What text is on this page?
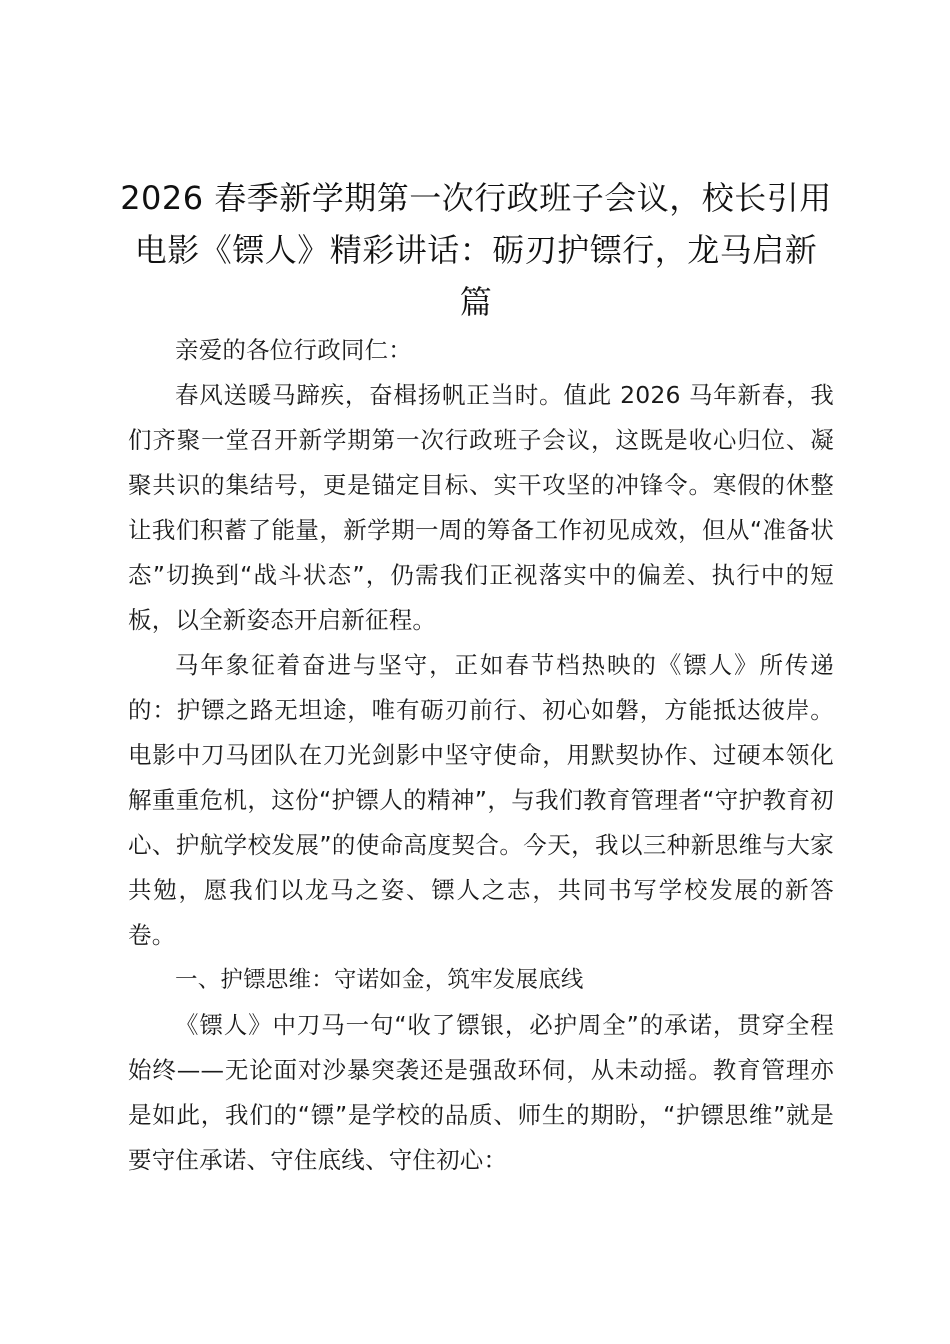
2026 春季新学期第一次行政班子会议，校长引用电影《镖人》精彩讲话：砺刃护镖行，龙马启新篇

亲爱的各位行政同仁：

春风送暖马蹄疾，奋楫扬帆正当时。值此 2026 马年新春，我们齐聚一堂召开新学期第一次行政班子会议，这既是收心归位、凝聚共识的集结号，更是锚定目标、实干攻坚的冲锋令。寒假的休整让我们积蓄了能量，新学期一周的筹备工作初见成效，但从“准备状态”切换到“战斗状态”，仍需我们正视落实中的偏差、执行中的短板，以全新姿态开启新征程。

马年象征着奋进与坚守，正如春节档热映的《镖人》所传递的：护镖之路无坦途，唯有砺刃前行、初心如磐，方能抵达彼岸。电影中刀马团队在刀光剑影中坚守使命，用默契协作、过硬本领化解重重危机，这份“护镖人的精神”，与我们教育管理者“守护教育初心、护航学校发展”的使命高度契合。今天，我以三种新思维与大家共勉，愿我们以龙马之姿、镖人之志，共同书写学校发展的新答卷。

一、护镖思维：守诺如金，筑牢发展底线

《镖人》中刀马一句“收了镖银，必护周全”的承诺，贯穿全程始终——无论面对沙暴突袭还是强敌环伺，从未动摇。教育管理亦是如此，我们的“镖”是学校的品质、师生的期盼，“护镖思维”就是要守住承诺、守住底线、守住初心：
